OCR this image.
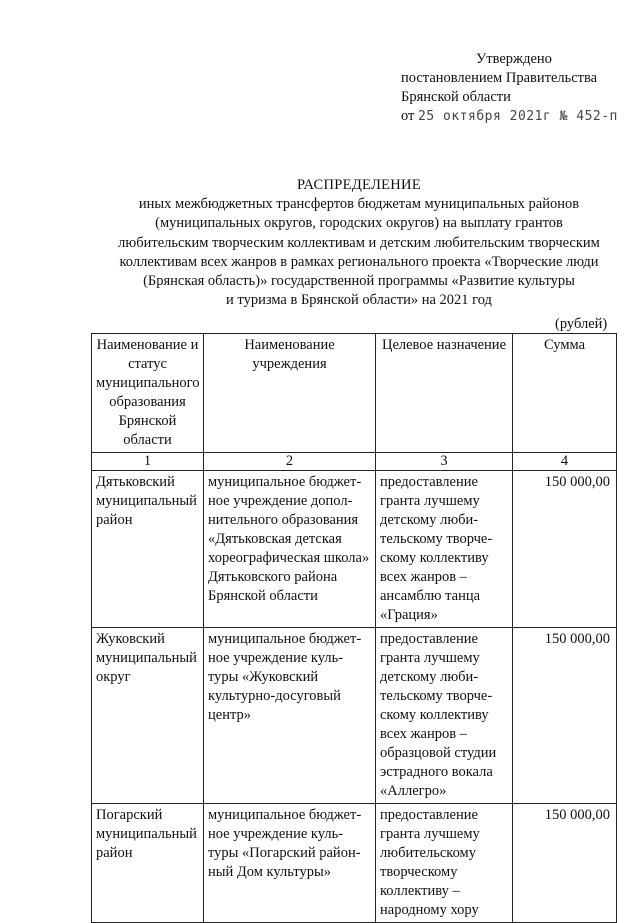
Утверждено
постановлением Правительства
Брянской области
от 25 октября 2021г № 452-п
РАСПРЕДЕЛЕНИЕ
иных межбюджетных трансфертов бюджетам муниципальных районов
(муниципальных округов, городских округов) на выплату грантов
любительским творческим коллективам и детским любительским творческим
коллективам всех жанров в рамках регионального проекта «Творческие люди
(Брянская область)» государственной программы «Развитие культуры
и туризма в Брянской области» на 2021 год
(рублей)
Наименование и статус муниципального образования Брянской области	Наименование учреждения	Целевое назначение	Сумма
1	2	3	4
Дятьковский муниципальный район	муниципальное бюджет-ное учреждение допол-нительного образования «Дятьковская детская хореографическая школа» Дятьковского района Брянской области	предоставление гранта лучшему детскому люби-тельскому творче-скому коллективу всех жанров – ансамблю танца «Грация»	150 000,00
Жуковский муниципальный округ	муниципальное бюджет-ное учреждение куль-туры «Жуковский культурно-досуговый центр»	предоставление гранта лучшему детскому люби-тельскому творче-скому коллективу всех жанров – образцовой студии эстрадного вокала «Аллегро»	150 000,00
Погарский муниципальный район	муниципальное бюджет-ное учреждение куль-туры «Погарский район-ный Дом культуры»	предоставление гранта лучшему любительскому творческому коллективу – народному хору	150 000,00
